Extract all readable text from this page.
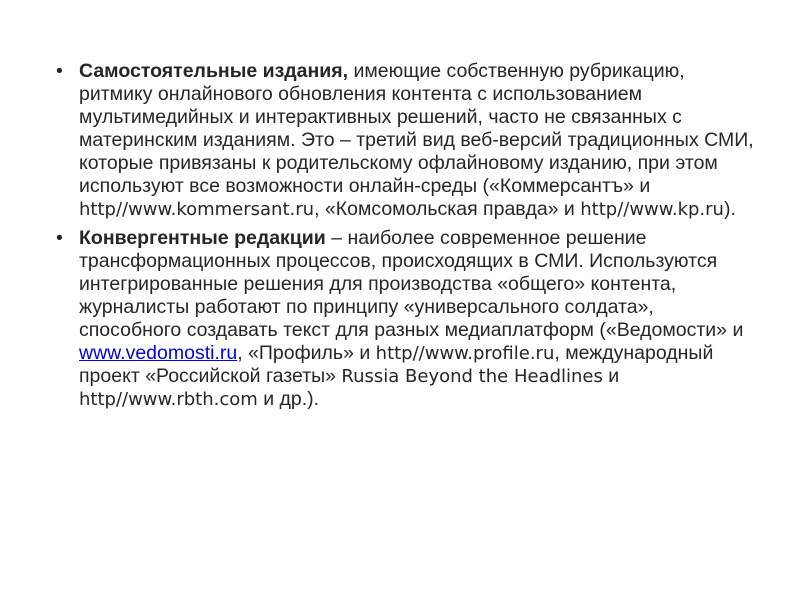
• Самостоятельные издания, имеющие собственную рубрикацию, ритмику онлайнового обновления контента с использованием мультимедийных и интерактивных решений, часто не связанных с материнским изданиям. Это – третий вид веб-версий традиционных СМИ, которые привязаны к родительскому офлайновому изданию, при этом используют все возможности онлайн-среды («Коммерсантъ» и http//www.kommersant.ru, «Комсомольская правда» и http//www.kp.ru).
• Конвергентные редакции – наиболее современное решение трансформационных процессов, происходящих в СМИ. Используются интегрированные решения для производства «общего» контента, журналисты работают по принципу «универсального солдата», способного создавать текст для разных медиаплатформ («Ведомости» и www.vedomosti.ru, «Профиль» и http//www.profile.ru, международный проект «Российской газеты» Russia Beyond the Headlines и http//www.rbth.com и др.).
